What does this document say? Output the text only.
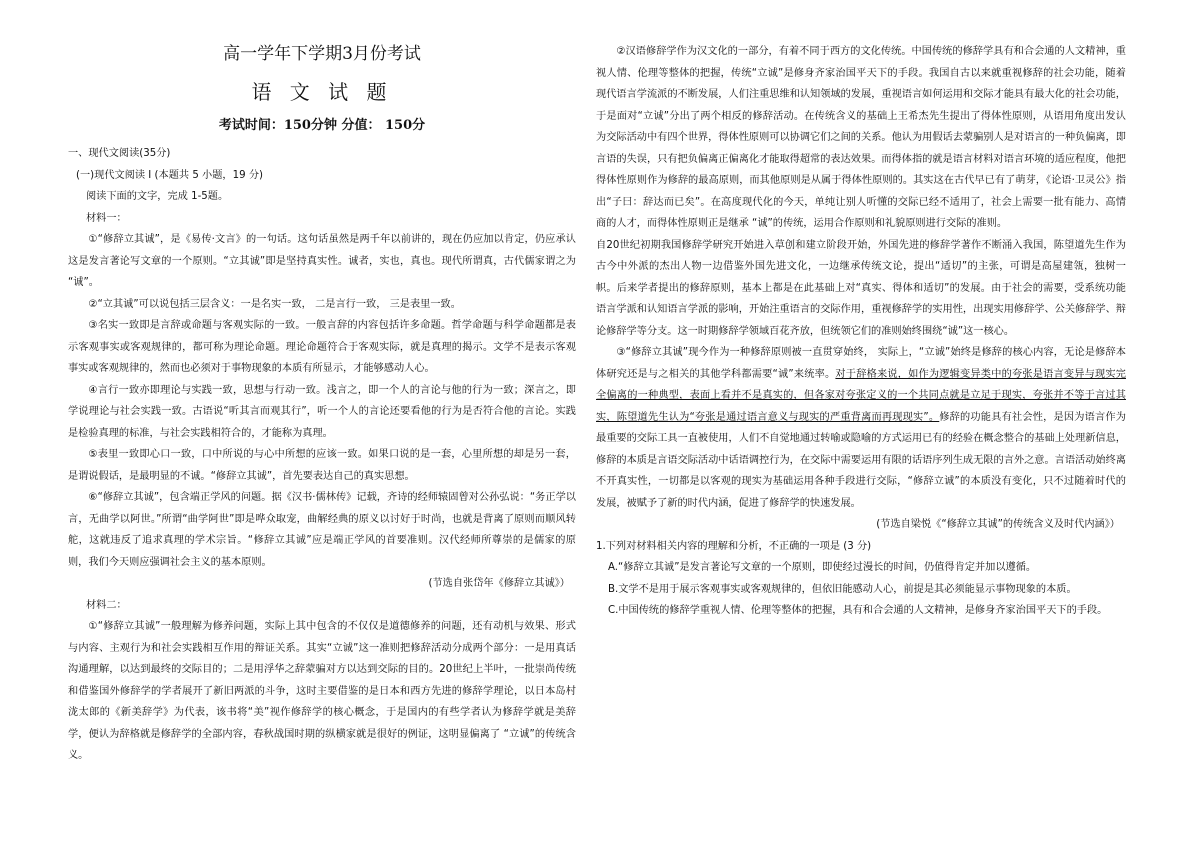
高一学年下学期3月份考试
语 文 试 题
考试时间：150分钟 分值： 150分

一、现代文阅读(35分)

(一)现代文阅读 I (本题共 5 小题，19 分)

阅读下面的文字，完成 1-5题。

材料一：

①“修辞立其诚”，是《易传·文言》的一句话。这句话虽然是两千年以前讲的，现在仍应加以肯定，仍应承认这是发言著论写文章的一个原则。“立其诚”即是坚持真实性。诚者，实也，真也。现代所谓真，古代儒家谓之为 “诚”。

②“立其诚”可以说包括三层含义：一是名实一致， 二是言行一致， 三是表里一致。

③名实一致即是言辞或命题与客观实际的一致。一般言辞的内容包括许多命题。哲学命题与科学命题都是表示客观事实或客观规律的，都可称为理论命题。理论命题符合于客观实际，就是真理的揭示。文学不是表示客观事实或客观规律的，然而也必须对于事物现象的本质有所显示，才能够感动人心。

④言行一致亦即理论与实践一致，思想与行动一致。浅言之，即一个人的言论与他的行为一致；深言之，即学说理论与社会实践一致。古语说“听其言而观其行”，听一个人的言论还要看他的行为是否符合他的言论。实践是检验真理的标准，与社会实践相符合的，才能称为真理。

⑤表里一致即心口一致，口中所说的与心中所想的应该一致。如果口说的是一套，心里所想的却是另一套，是谓说假话，是最明显的不诚。“修辞立其诚”，首先要表达自己的真实思想。

⑥“修辞立其诚”，包含端正学风的问题。据《汉书·儒林传》记载，齐诗的经师辕固曾对公孙弘说：“务正学以言，无曲学以阿世。”所谓“曲学阿世”即是哗众取宠，曲解经典的原义以讨好于时尚，也就是背离了原则而顺风转舵，这就违反了追求真理的学术宗旨。“修辞立其诚”应是端正学风的首要准则。汉代经师所尊崇的是儒家的原则，我们今天则应强调社会主义的基本原则。

(节选自张岱年《修辞立其诚》）

材料二：

①“修辞立其诚”一般理解为修养问题，实际上其中包含的不仅仅是道德修养的问题，还有动机与效果、形式与内容、主观行为和社会实践相互作用的辩证关系。其实“立诚”这一准则把修辞活动分成两个部分：一是用真话沟通理解，以达到最终的交际目的；二是用浮华之辞蒙骗对方以达到交际的目的。20世纪上半叶，一批崇尚传统和借鉴国外修辞学的学者展开了新旧两派的斗争，这时主要借鉴的是日本和西方先进的修辞学理论，以日本岛村泷太郎的《新美辞学》为代表，该书将“美”视作修辞学的核心概念，于是国内的有些学者认为修辞学就是美辞学，便认为辞格就是修辞学的全部内容，春秋战国时期的纵横家就是很好的例证，这明显偏离了 “立诚”的传统含义。

②汉语修辞学作为汉文化的一部分，有着不同于西方的文化传统。中国传统的修辞学具有和合会通的人文精神，重视人情、伦理等整体的把握，传统“立诚”是修身齐家治国平天下的手段。我国自古以来就重视修辞的社会功能，随着现代语言学流派的不断发展，人们注重思维和认知领域的发展，重视语言如何运用和交际才能具有最大化的社会功能，于是面对“立诚”分出了两个相反的修辞活动。在传统含义的基础上王希杰先生提出了得体性原则，从语用角度出发认为交际活动中有四个世界，得体性原则可以协调它们之间的关系。他认为用假话去蒙骗别人是对语言的一种负偏离，即言语的失误，只有把负偏离正偏离化才能取得超常的表达效果。而得体指的就是语言材料对语言环境的适应程度，他把得体性原则作为修辞的最高原则，而其他原则是从属于得体性原则的。其实这在古代早已有了萌芽，《论语·卫灵公》指出“子曰：辞达而已矣”。在高度现代化的今天，单纯让别人听懂的交际已经不适用了，社会上需要一批有能力、高情商的人才，而得体性原则正是继承 “诚”的传统，运用合作原则和礼貌原则进行交际的准则。

自20世纪初期我国修辞学研究开始进入草创和建立阶段开始，外国先进的修辞学著作不断涌入我国，陈望道先生作为古今中外派的杰出人物一边借鉴外国先进文化，一边继承传统文论，提出“适切”的主张，可谓是高屋建瓴，独树一帜。后来学者提出的修辞原则，基本上都是在此基础上对“真实、得体和适切”的发展。由于社会的需要，受系统功能语言学派和认知语言学派的影响，开始注重语言的交际作用，重视修辞学的实用性，出现实用修辞学、公关修辞学、辩论修辞学等分支。这一时期修辞学领域百花齐放，但统领它们的准则始终围绕“诚”这一核心。

③“修辞立其诚”现今作为一种修辞原则被一直贯穿始终， 实际上，“立诚”始终是修辞的核心内容，无论是修辞本体研究还是与之相关的其他学科都需要“诚”来统率。对于辞格来说，如作为逻辑变异类中的夸张是语言变异与现实完全偏离的一种典型，表面上看并不是真实的，但各家对夸张定义的一个共同点就是立足于现实，夸张并不等于言过其实，陈望道先生认为“夸张是通过语言意义与现实的严重背离而再现现实”。修辞的功能具有社会性，是因为语言作为最重要的交际工具一直被使用，人们不自觉地通过转喻或隐喻的方式运用已有的经验在概念整合的基础上处理新信息，修辞的本质是言语交际活动中话语调控行为，在交际中需要运用有限的话语序列生成无限的言外之意。言语活动始终离不开真实性，一切都是以客观的现实为基础运用各种手段进行交际，“修辞立诚”的本质没有变化，只不过随着时代的发展，被赋予了新的时代内涵，促进了修辞学的快速发展。

(节选自梁悦《“修辞立其诚”的传统含义及时代内涵》）

1.下列对材料相关内容的理解和分析，不正确的一项是 (3 分)

A.“修辞立其诚”是发言著论写文章的一个原则，即使经过漫长的时间，仍值得肯定并加以遵循。

B.文学不是用于展示客观事实或客观规律的，但依旧能感动人心，前提是其必须能显示事物现象的本质。

C.中国传统的修辞学重视人情、伦理等整体的把握，具有和合会通的人文精神，是修身齐家治国平天下的手段。
